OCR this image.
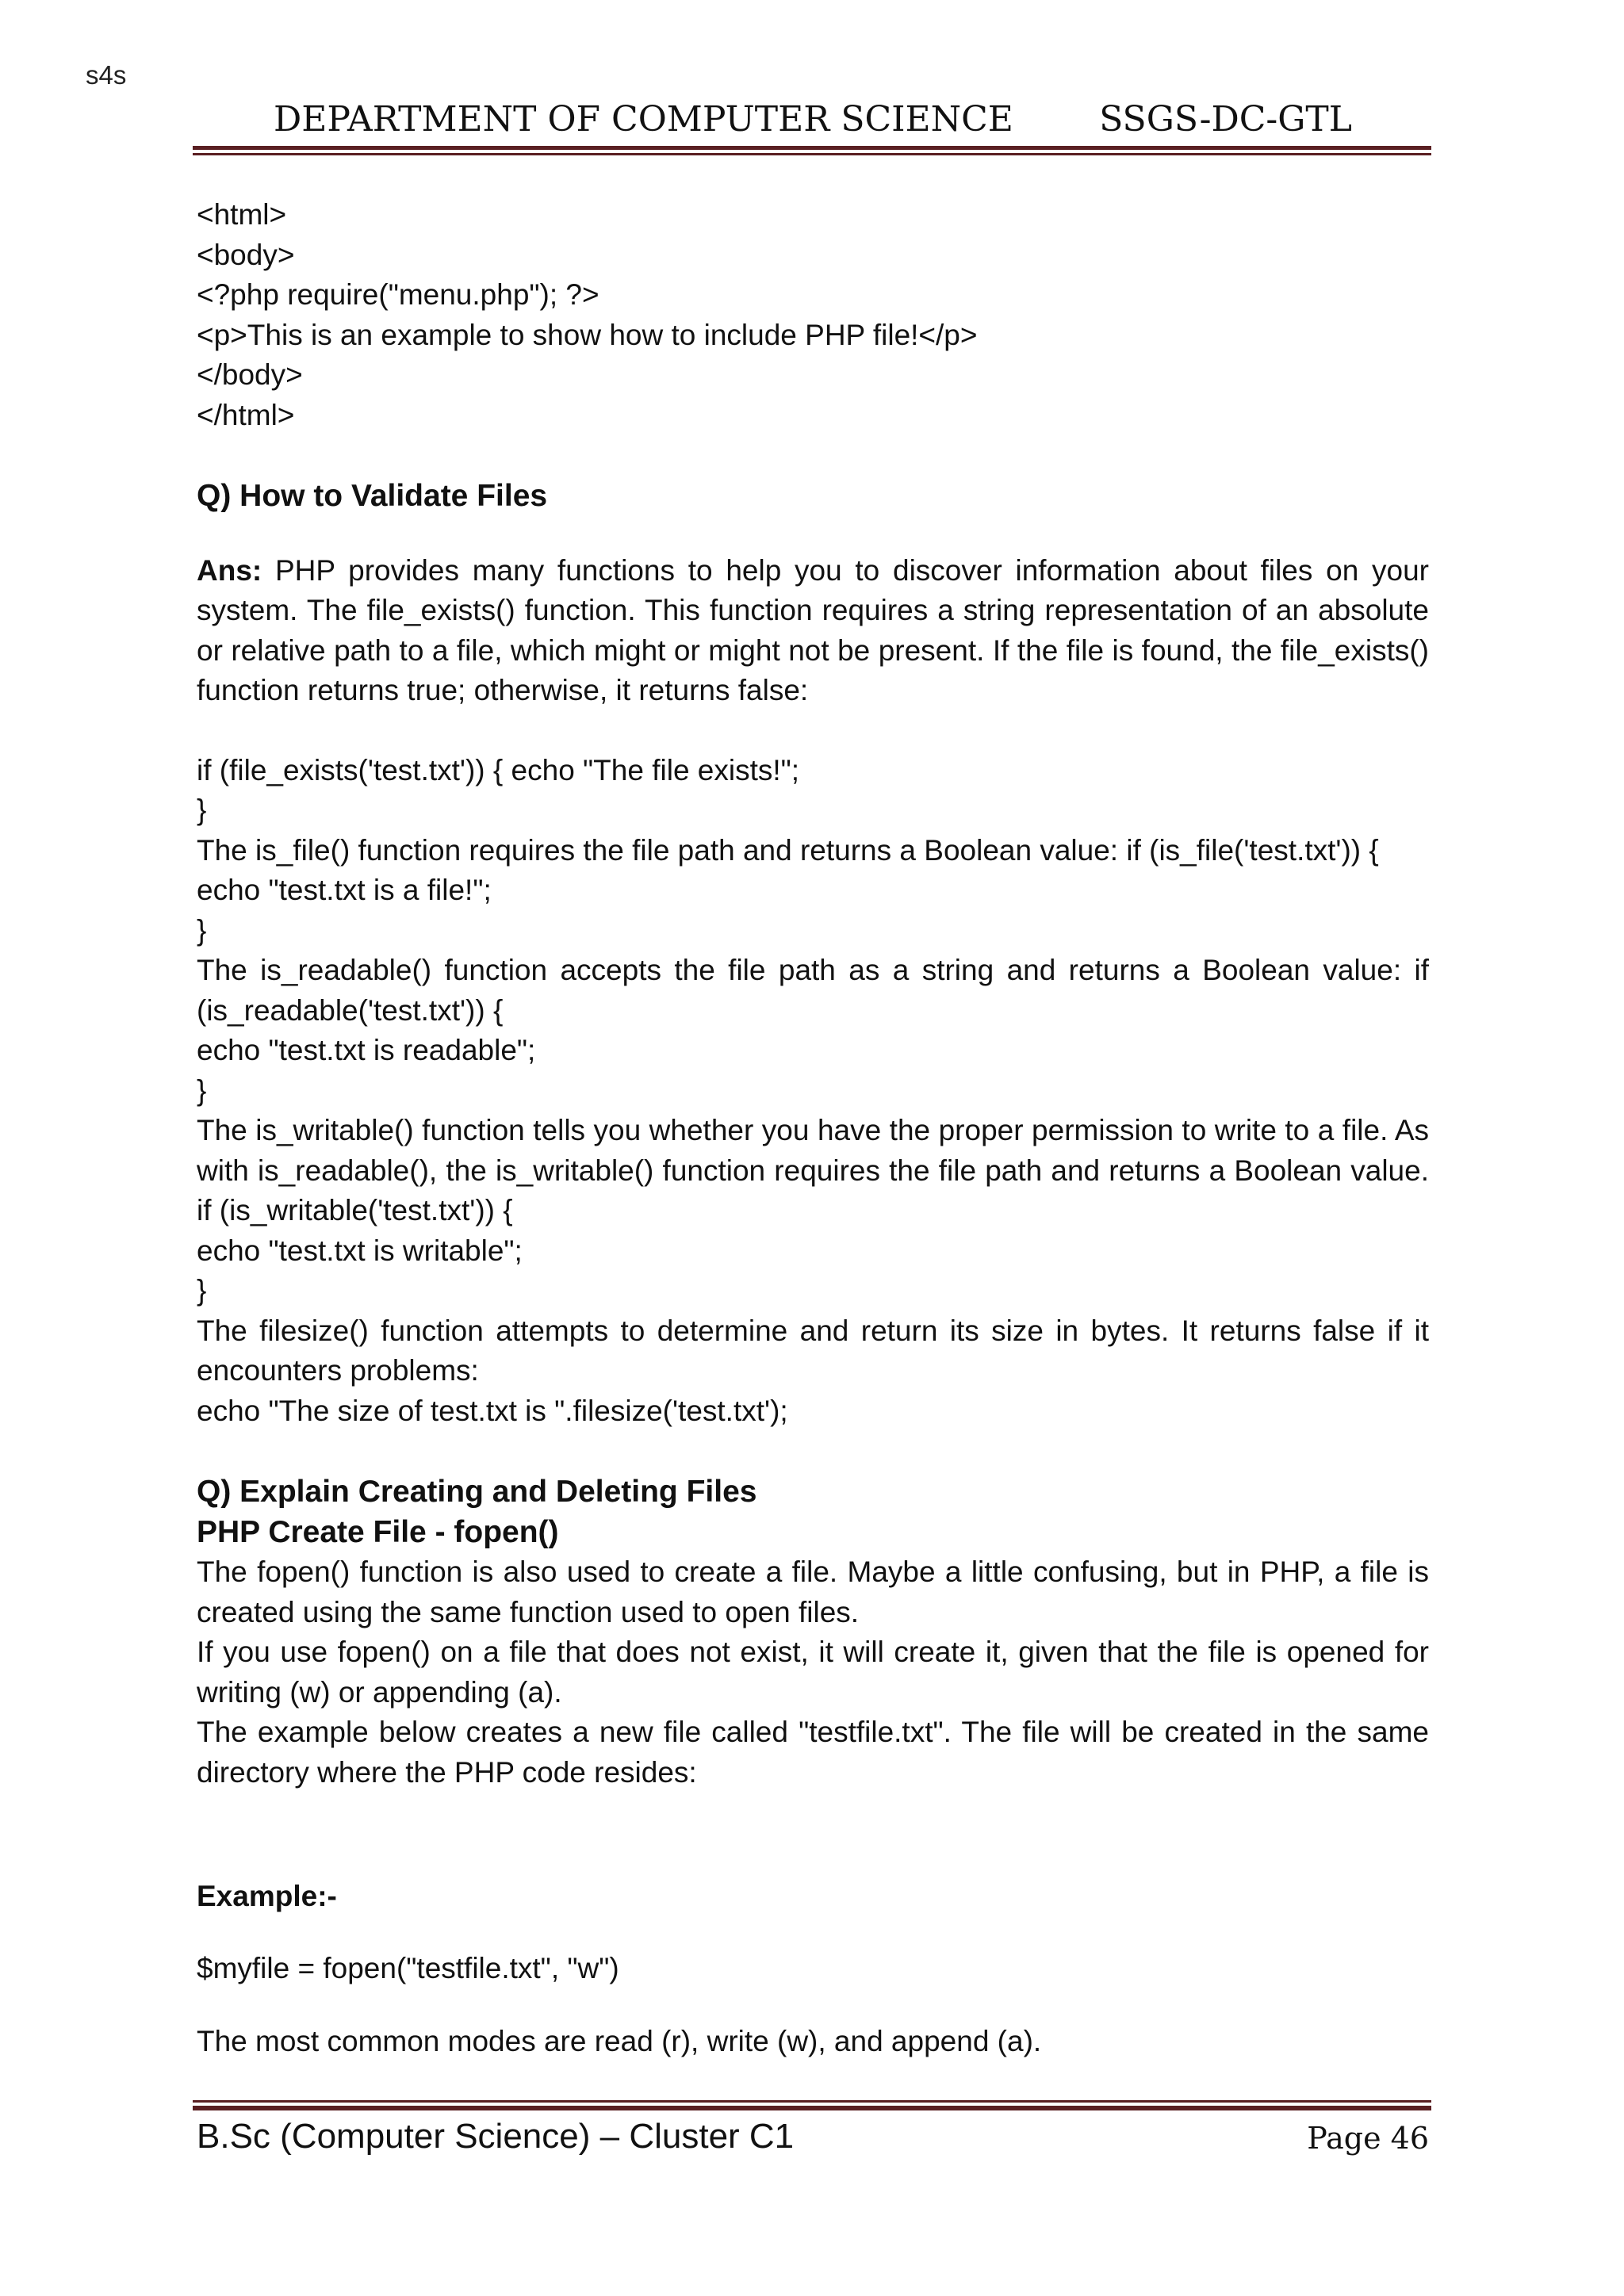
s4s
DEPARTMENT OF COMPUTER SCIENCE SSGS-DC-GTL
<html>
<body>
<?php require("menu.php"); ?>
<p>This is an example to show how to include PHP file!</p>
</body>
</html>
Q) How to Validate Files
Ans: PHP provides many functions to help you to discover information about files on your system. The file_exists() function. This function requires a string representation of an absolute or relative path to a file, which might or might not be present. If the file is found, the file_exists() function returns true; otherwise, it returns false:
if (file_exists('test.txt')) { echo "The file exists!";
}
The is_file() function requires the file path and returns a Boolean value: if (is_file('test.txt')) {
echo "test.txt is a file!";
}
The is_readable() function accepts the file path as a string and returns a Boolean value: if (is_readable('test.txt')) {
echo "test.txt is readable";
}
The is_writable() function tells you whether you have the proper permission to write to a file. As with is_readable(), the is_writable() function requires the file path and returns a Boolean value. if (is_writable('test.txt')) {
echo "test.txt is writable";
}
The filesize() function attempts to determine and return its size in bytes. It returns false if it encounters problems:
echo "The size of test.txt is ".filesize('test.txt');
Q) Explain Creating and Deleting Files
PHP Create File - fopen()
The fopen() function is also used to create a file. Maybe a little confusing, but in PHP, a file is created using the same function used to open files.
If you use fopen() on a file that does not exist, it will create it, given that the file is opened for writing (w) or appending (a).
The example below creates a new file called "testfile.txt". The file will be created in the same directory where the PHP code resides:
Example:-
$myfile = fopen("testfile.txt", "w")
The most common modes are read (r), write (w), and append (a).
B.Sc (Computer Science) – Cluster C1	Page 46
